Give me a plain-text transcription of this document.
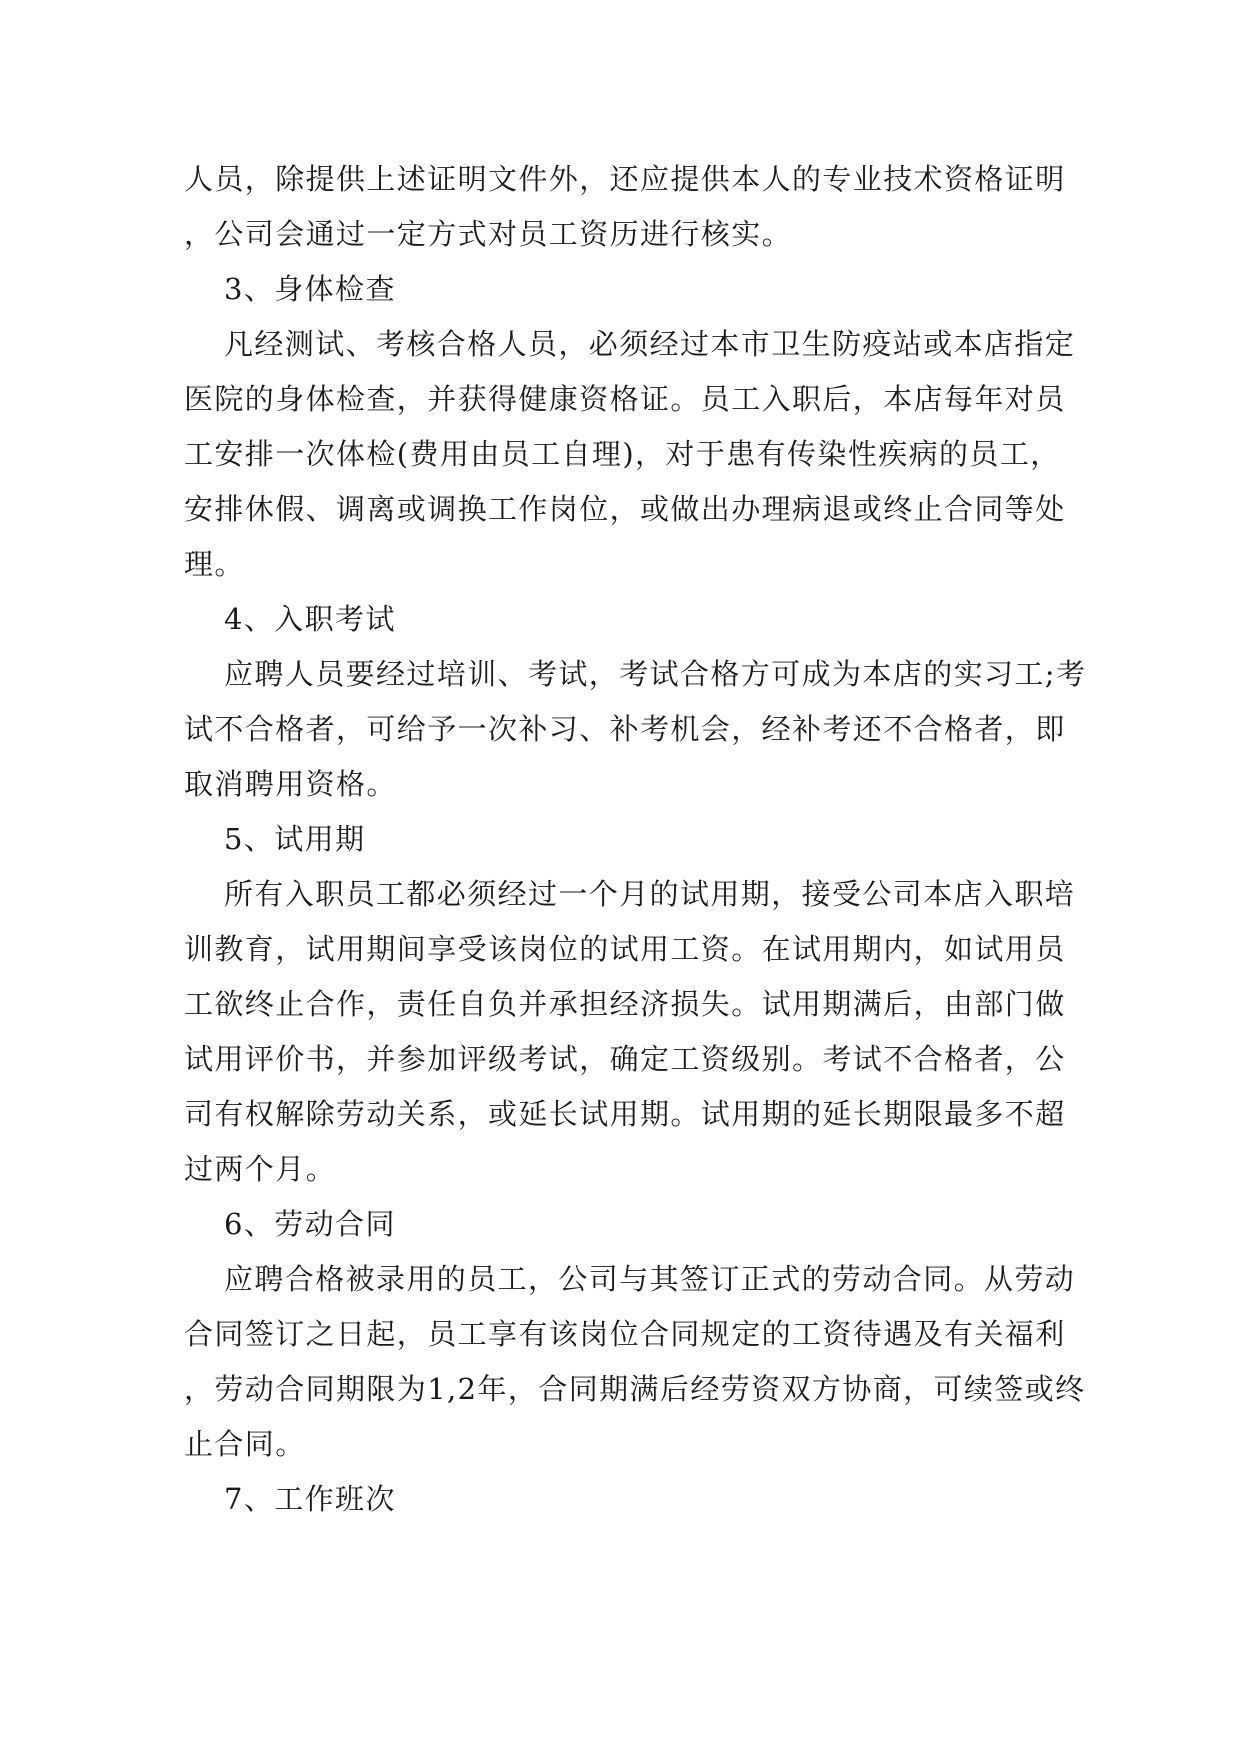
人员，除提供上述证明文件外，还应提供本人的专业技术资格证明
，公司会通过一定方式对员工资历进行核实。
3、身体检查
凡经测试、考核合格人员，必须经过本市卫生防疫站或本店指定
医院的身体检查，并获得健康资格证。员工入职后，本店每年对员
工安排一次体检(费用由员工自理)，对于患有传染性疾病的员工，
安排休假、调离或调换工作岗位，或做出办理病退或终止合同等处
理。
4、入职考试
应聘人员要经过培训、考试，考试合格方可成为本店的实习工;考
试不合格者，可给予一次补习、补考机会，经补考还不合格者，即
取消聘用资格。
5、试用期
所有入职员工都必须经过一个月的试用期，接受公司本店入职培
训教育，试用期间享受该岗位的试用工资。在试用期内，如试用员
工欲终止合作，责任自负并承担经济损失。试用期满后，由部门做
试用评价书，并参加评级考试，确定工资级别。考试不合格者，公
司有权解除劳动关系，或延长试用期。试用期的延长期限最多不超
过两个月。
6、劳动合同
应聘合格被录用的员工，公司与其签订正式的劳动合同。从劳动
合同签订之日起，员工享有该岗位合同规定的工资待遇及有关福利
，劳动合同期限为1,2年，合同期满后经劳资双方协商，可续签或终
止合同。
7、工作班次
